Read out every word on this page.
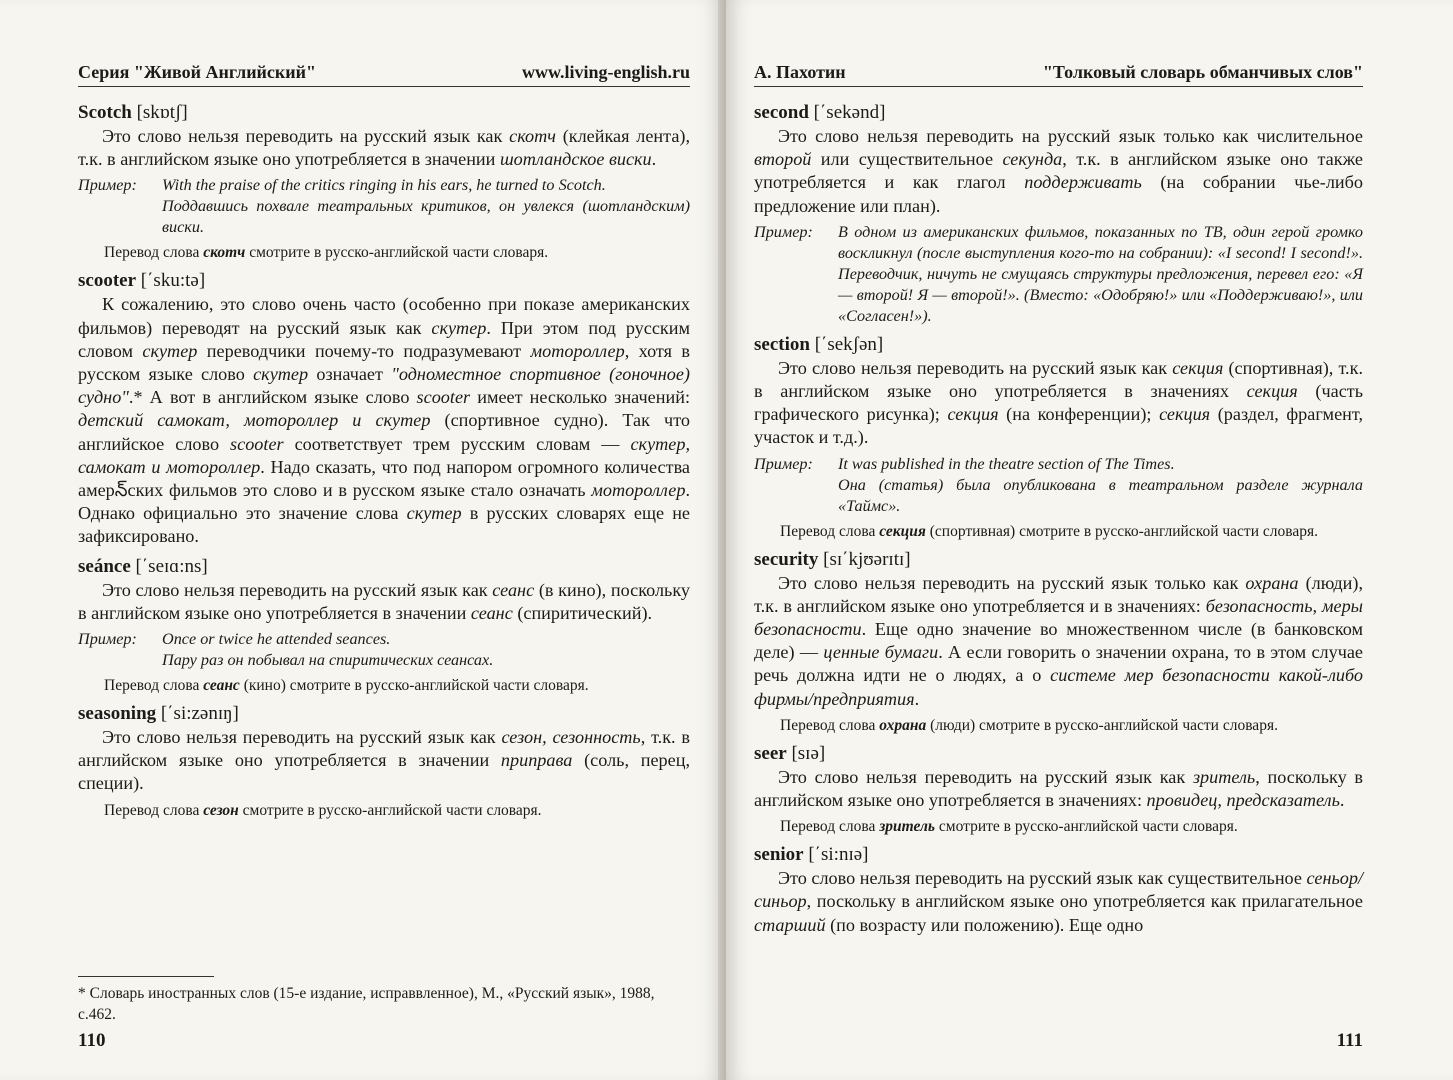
Серия "Живой Английский"	www.living-english.ru
Scotch [skɒtʃ]

Это слово нельзя переводить на русский язык как скотч (клейкая лента), т.к. в английском языке оно употребляется в значении шотландское виски.

Пример:	With the praise of the critics ringing in his ears, he turned to Scotch.
Поддавшись похвале театральных критиков, он увлекся (шотландским) виски.
Перевод слова скотч смотрите в русско-английской части словаря.
scooter [΄sku:tə]

К сожалению, это слово очень часто (особенно при показе американских фильмов) переводят на русский язык как скутер. При этом под русским словом скутер переводчики почему-то подразумевают мотороллер, хотя в русском языке слово скутер означает "одноместное спортивное (гоночное) судно".* А вот в английском языке слово scooter имеет несколько значений: детский самокат, мотороллер и скутер (спортивное судно). Так что английское слово scooter соответствует трем русским словам — скутер, самокат и мотороллер. Надо сказать, что под напором огромного количества амерన్ских фильмов это слово и в русском языке стало означать мотороллер. Однако официально это значение слова скутер в русских словарях еще не зафиксировано.

seánce [΄seɪɑ:ns]

Это слово нельзя переводить на русский язык как сеанс (в кино), поскольку в английском языке оно употребляется в значении сеанс (спиритический).

Пример:	Once or twice he attended seances.
Пару раз он побывал на спиритических сеансах.
Перевод слова сеанс (кино) смотрите в русско-английской части словаря.
seasoning [΄si:zənɪŋ]

Это слово нельзя переводить на русский язык как сезон, сезонность, т.к. в английском языке оно употребляется в значении приправа (соль, перец, специи).

Перевод слова сезон смотрите в русско-английской части словаря.
* Словарь иностранных слов (15-е издание, исправвленное), М., «Русский язык», 1988, с.462.
110
А. Пахотин	"Толковый словарь обманчивых слов"
second [΄sekənd]

Это слово нельзя переводить на русский язык только как числительное второй или существительное секунда, т.к. в английском языке оно также употребляется и как глагол поддерживать (на собрании чье-либо предложение или план).

Пример:	В одном из американских фильмов, показанных по ТВ, один герой громко воскликнул (после выступления кого-то на собрании): «I second! I second!». Переводчик, ничуть не смущаясь структуры предложения, перевел его: «Я — второй! Я — второй!». (Вместо: «Одобряю!» или «Поддерживаю!», или «Согласен!»).
section [΄sekʃən]

Это слово нельзя переводить на русский язык как секция (спортивная), т.к. в английском языке оно употребляется в значениях секция (часть графического рисунка); секция (на конференции); секция (раздел, фрагмент, участок и т.д.).

Пример:	It was published in the theatre section of The Times.
Она (статья) была опубликована в театральном разделе журнала «Таймс».
Перевод слова секция (спортивная) смотрите в русско-английской части словаря.
security [sɪ΄kjʊərɪtɪ]

Это слово нельзя переводить на русский язык только как охрана (люди), т.к. в английском языке оно употребляется и в значениях: безопасность, меры безопасности. Еще одно значение во множественном числе (в банковском деле) — ценные бумаги. А если говорить о значении охрана, то в этом случае речь должна идти не о людях, а о системе мер безопасности какой-либо фирмы/предприятия.

Перевод слова охрана (люди) смотрите в русско-английской части словаря.
seer [sɪə]

Это слово нельзя переводить на русский язык как зритель, поскольку в английском языке оно употребляется в значениях: провидец, предсказатель.

Перевод слова зритель смотрите в русско-английской части словаря.
senior [΄si:nɪə]

Это слово нельзя переводить на русский язык как существительное сеньор/синьор, поскольку в английском языке оно употребляется как прилагательное старший (по возрасту или положению). Еще одно

111
